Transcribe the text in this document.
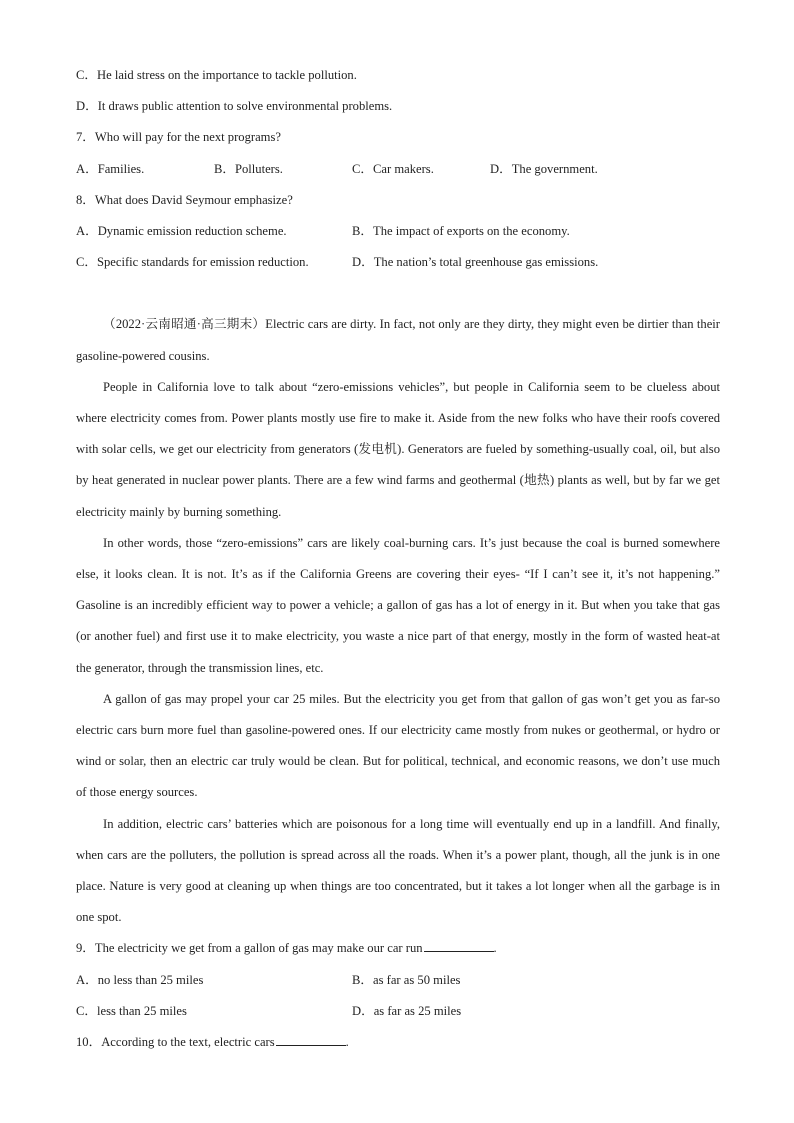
C．He laid stress on the importance to tackle pollution.
D．It draws public attention to solve environmental problems.
7．Who will pay for the next programs?
A．Families.	B．Polluters.	C．Car makers.	D．The government.
8．What does David Seymour emphasize?
A．Dynamic emission reduction scheme.	B．The impact of exports on the economy.
C．Specific standards for emission reduction.	D．The nation’s total greenhouse gas emissions.

（2022·云南昭通·高三期末）Electric cars are dirty. In fact, not only are they dirty, they might even be dirtier than their gasoline-powered cousins.

People in California love to talk about “zero-emissions vehicles”, but people in California seem to be clueless about where electricity comes from. Power plants mostly use fire to make it. Aside from the new folks who have their roofs covered with solar cells, we get our electricity from generators (发电机). Generators are fueled by something-usually coal, oil, but also by heat generated in nuclear power plants. There are a few wind farms and geothermal (地热) plants as well, but by far we get electricity mainly by burning something.

In other words, those “zero-emissions” cars are likely coal-burning cars. It’s just because the coal is burned somewhere else, it looks clean. It is not. It’s as if the California Greens are covering their eyes- “If I can’t see it, it’s not happening.” Gasoline is an incredibly efficient way to power a vehicle; a gallon of gas has a lot of energy in it. But when you take that gas (or another fuel) and first use it to make electricity, you waste a nice part of that energy, mostly in the form of wasted heat-at the generator, through the transmission lines, etc.

A gallon of gas may propel your car 25 miles. But the electricity you get from that gallon of gas won’t get you as far-so electric cars burn more fuel than gasoline-powered ones. If our electricity came mostly from nukes or geothermal, or hydro or wind or solar, then an electric car truly would be clean. But for political, technical, and economic reasons, we don’t use much of those energy sources.

In addition, electric cars’ batteries which are poisonous for a long time will eventually end up in a landfill. And finally, when cars are the polluters, the pollution is spread across all the roads. When it’s a power plant, though, all the junk is in one place. Nature is very good at cleaning up when things are too concentrated, but it takes a lot longer when all the garbage is in one spot.

9．The electricity we get from a gallon of gas may make our car run	.
A．no less than 25 miles	B．as far as 50 miles
C．less than 25 miles	D．as far as 25 miles
10．According to the text, electric cars	.
